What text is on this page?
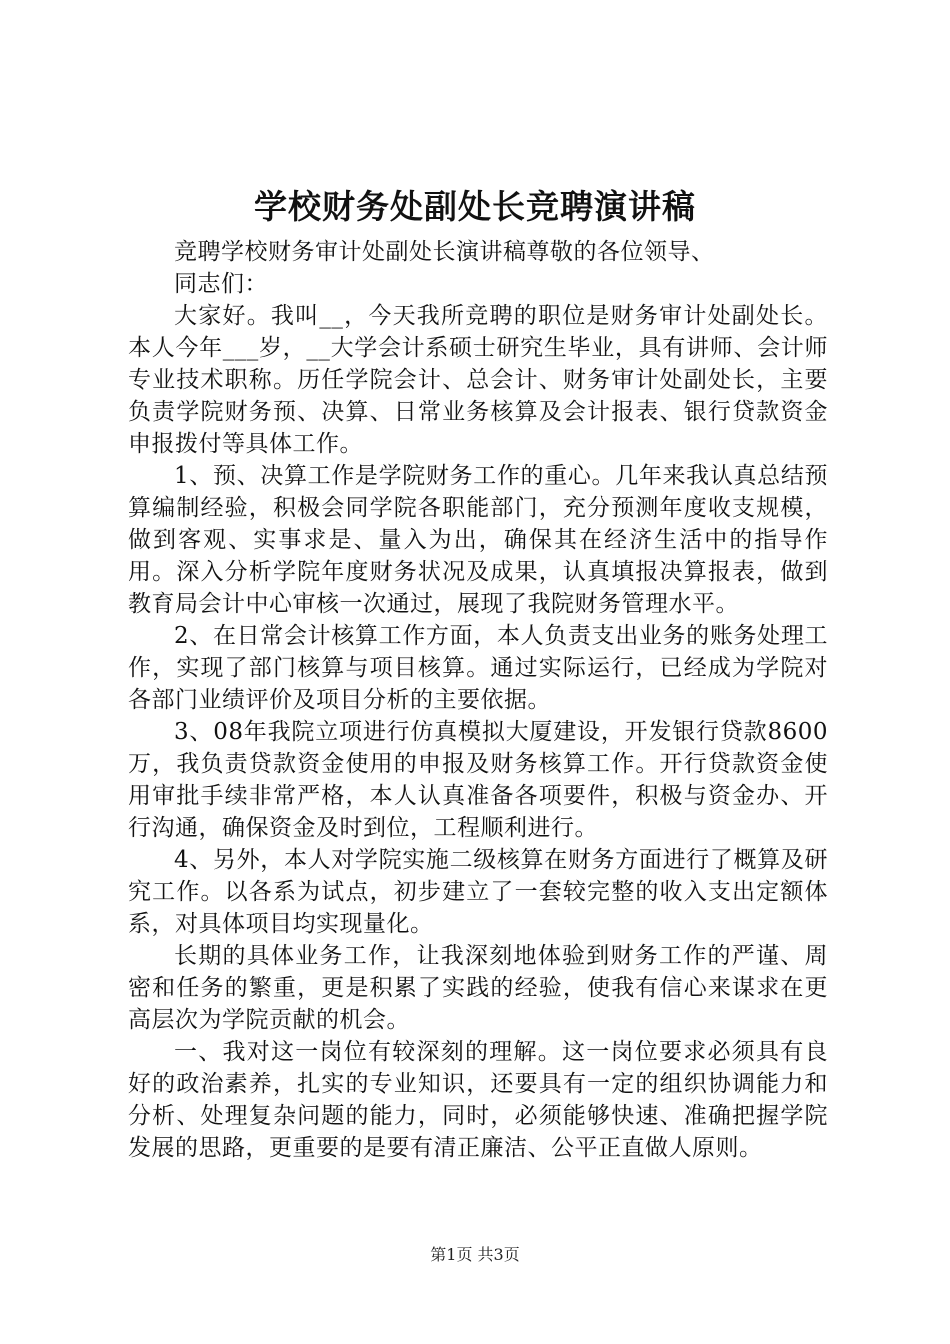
学校财务处副处长竞聘演讲稿

竞聘学校财务审计处副处长演讲稿尊敬的各位领导、

同志们：

大家好。我叫__，今天我所竞聘的职位是财务审计处副处长。本人今年___岁，__大学会计系硕士研究生毕业，具有讲师、会计师专业技术职称。历任学院会计、总会计、财务审计处副处长，主要负责学院财务预、决算、日常业务核算及会计报表、银行贷款资金申报拨付等具体工作。

1、预、决算工作是学院财务工作的重心。几年来我认真总结预算编制经验，积极会同学院各职能部门，充分预测年度收支规模，做到客观、实事求是、量入为出，确保其在经济生活中的指导作用。深入分析学院年度财务状况及成果，认真填报决算报表，做到教育局会计中心审核一次通过，展现了我院财务管理水平。

2、在日常会计核算工作方面，本人负责支出业务的账务处理工作，实现了部门核算与项目核算。通过实际运行，已经成为学院对各部门业绩评价及项目分析的主要依据。

3、08年我院立项进行仿真模拟大厦建设，开发银行贷款8600万，我负责贷款资金使用的申报及财务核算工作。开行贷款资金使用审批手续非常严格，本人认真准备各项要件，积极与资金办、开行沟通，确保资金及时到位，工程顺利进行。

4、另外，本人对学院实施二级核算在财务方面进行了概算及研究工作。以各系为试点，初步建立了一套较完整的收入支出定额体系，对具体项目均实现量化。

长期的具体业务工作，让我深刻地体验到财务工作的严谨、周密和任务的繁重，更是积累了实践的经验，使我有信心来谋求在更高层次为学院贡献的机会。

一、我对这一岗位有较深刻的理解。这一岗位要求必须具有良好的政治素养，扎实的专业知识，还要具有一定的组织协调能力和分析、处理复杂问题的能力，同时，必须能够快速、准确把握学院发展的思路，更重要的是要有清正廉洁、公平正直做人原则。

第1页 共3页
